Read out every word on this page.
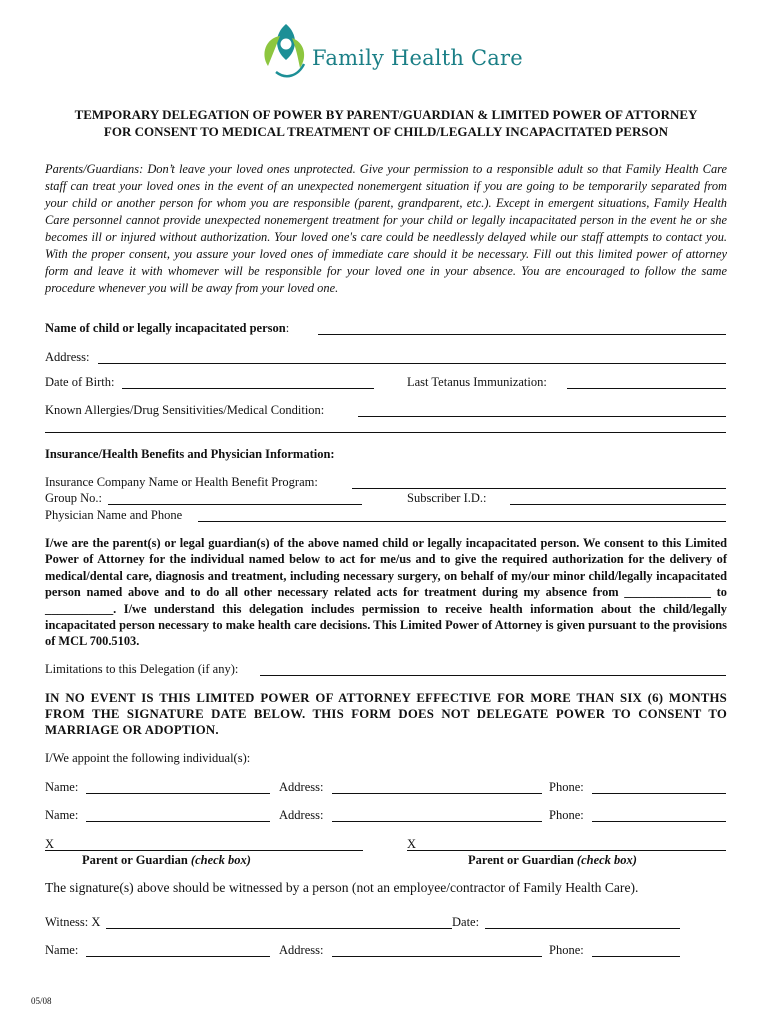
Family Health Care
TEMPORARY DELEGATION OF POWER BY PARENT/GUARDIAN & LIMITED POWER OF ATTORNEY
FOR CONSENT TO MEDICAL TREATMENT OF CHILD/LEGALLY INCAPACITATED PERSON
Parents/Guardians: Don’t leave your loved ones unprotected. Give your permission to a responsible adult so that Family Health Care staff can treat your loved ones in the event of an unexpected nonemergent situation if you are going to be temporarily separated from your child or another person for whom you are responsible (parent, grandparent, etc.). Except in emergent situations, Family Health Care personnel cannot provide unexpected nonemergent treatment for your child or legally incapacitated person in the event he or she becomes ill or injured without authorization. Your loved one's care could be needlessly delayed while our staff attempts to contact you. With the proper consent, you assure your loved ones of immediate care should it be necessary. Fill out this limited power of attorney form and leave it with whomever will be responsible for your loved one in your absence. You are encouraged to follow the same procedure whenever you will be away from your loved one.
Name of child or legally incapacitated person:
Address:
Date of Birth:	Last Tetanus Immunization:
Known Allergies/Drug Sensitivities/Medical Condition:
Insurance/Health Benefits and Physician Information:
Insurance Company Name or Health Benefit Program:
Group No.:	Subscriber I.D.:
Physician Name and Phone
I/we are the parent(s) or legal guardian(s) of the above named child or legally incapacitated person. We consent to this Limited Power of Attorney for the individual named below to act for me/us and to give the required authorization for the delivery of medical/dental care, diagnosis and treatment, including necessary surgery, on behalf of my/our minor child/legally incapacitated person named above and to do all other necessary related acts for treatment during my absence from ______________ to ___________. I/we understand this delegation includes permission to receive health information about the child/legally incapacitated person necessary to make health care decisions. This Limited Power of Attorney is given pursuant to the provisions of MCL 700.5103.
Limitations to this Delegation (if any):
IN NO EVENT IS THIS LIMITED POWER OF ATTORNEY EFFECTIVE FOR MORE THAN SIX (6) MONTHS FROM THE SIGNATURE DATE BELOW. THIS FORM DOES NOT DELEGATE POWER TO CONSENT TO MARRIAGE OR ADOPTION.
I/We appoint the following individual(s):
Name:	Address:	Phone:
Name:	Address:	Phone:
X
Parent or Guardian (check box)
X
Parent or Guardian (check box)
The signature(s) above should be witnessed by a person (not an employee/contractor of Family Health Care).
Witness: X	Date:
Name:	Address:	Phone:
05/08
